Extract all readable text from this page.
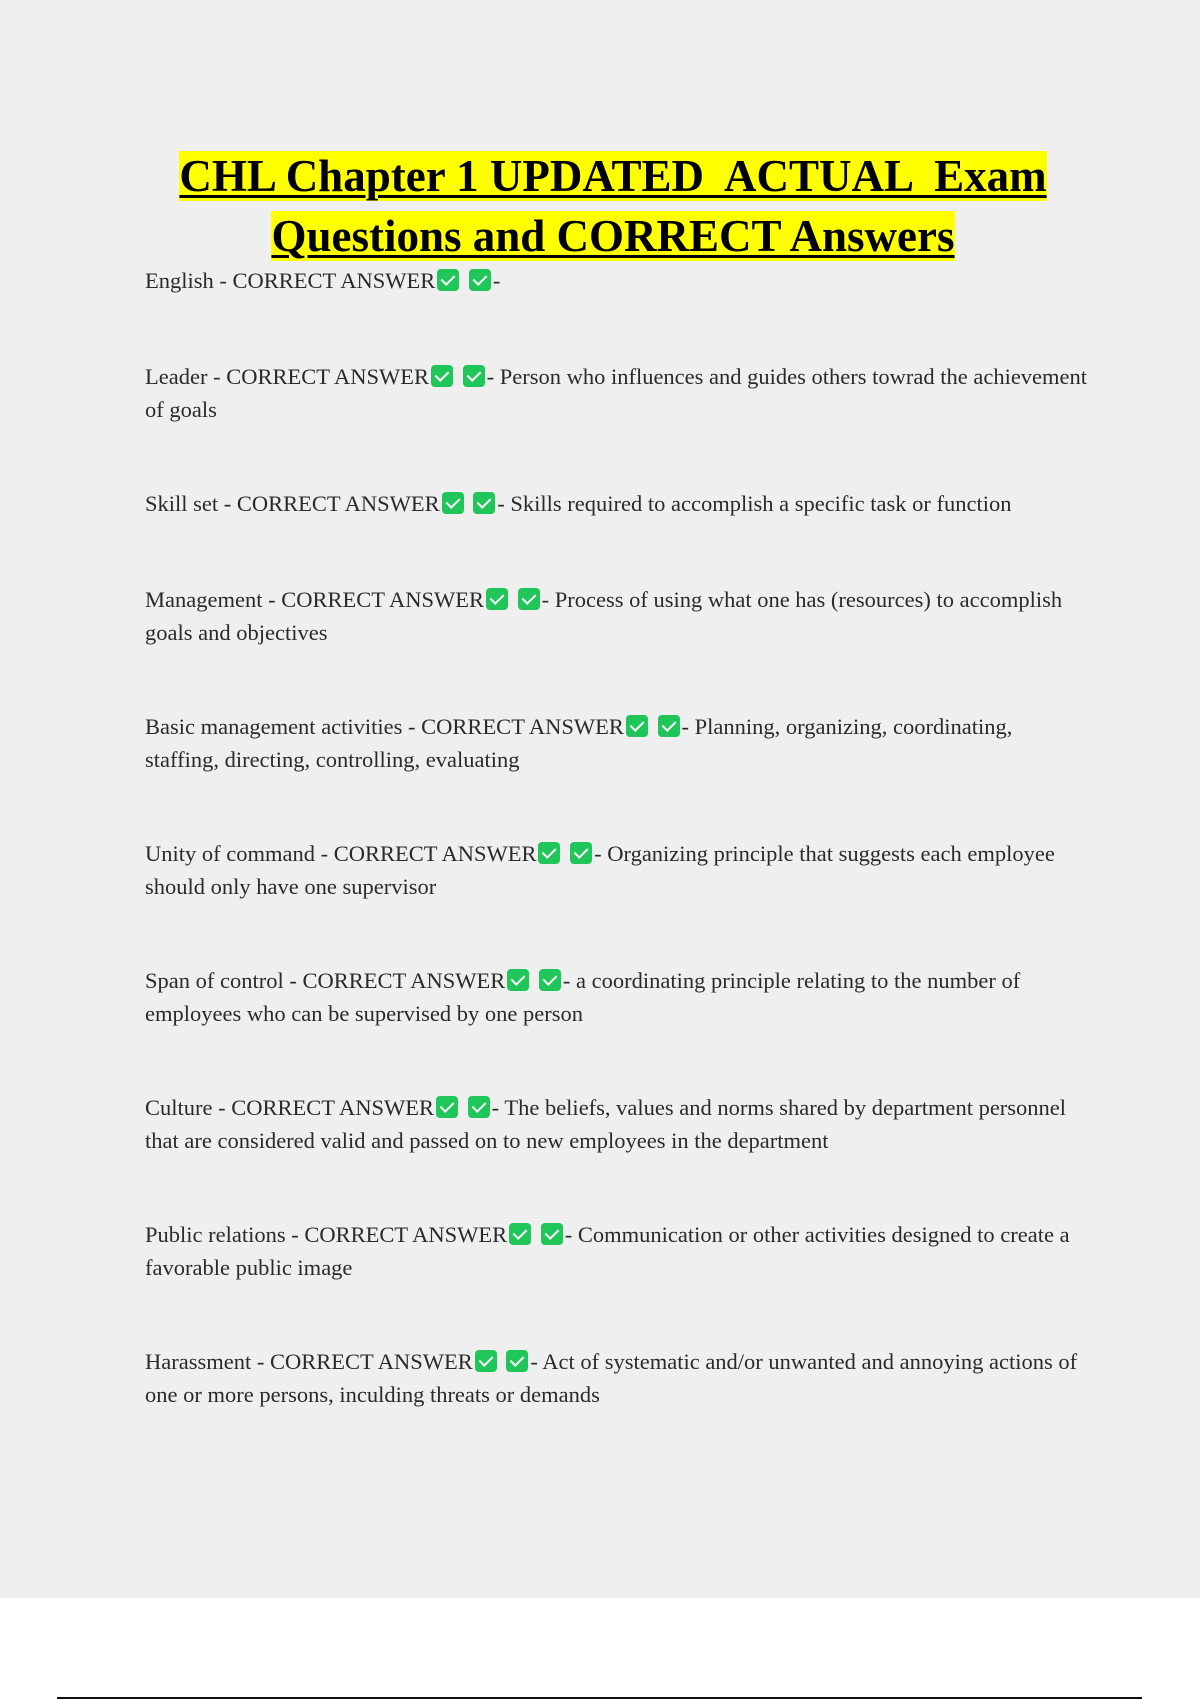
CHL Chapter 1 UPDATED  ACTUAL  Exam
Questions and CORRECT Answers
English - CORRECT ANSWER	-
Leader - CORRECT ANSWER	- Person who influences and guides others towrad the achievement of goals
Skill set - CORRECT ANSWER	- Skills required to accomplish a specific task or function
Management - CORRECT ANSWER	- Process of using what one has (resources) to accomplish goals and objectives
Basic management activities - CORRECT ANSWER	- Planning, organizing, coordinating, staffing, directing, controlling, evaluating
Unity of command - CORRECT ANSWER	- Organizing principle that suggests each employee should only have one supervisor
Span of control - CORRECT ANSWER	- a coordinating principle relating to the number of employees who can be supervised by one person
Culture - CORRECT ANSWER	- The beliefs, values and norms shared by department personnel that are considered valid and passed on to new employees in the department
Public relations - CORRECT ANSWER	- Communication or other activities designed to create a favorable public image
Harassment - CORRECT ANSWER	- Act of systematic and/or unwanted and annoying actions of one or more persons, inculding threats or demands
